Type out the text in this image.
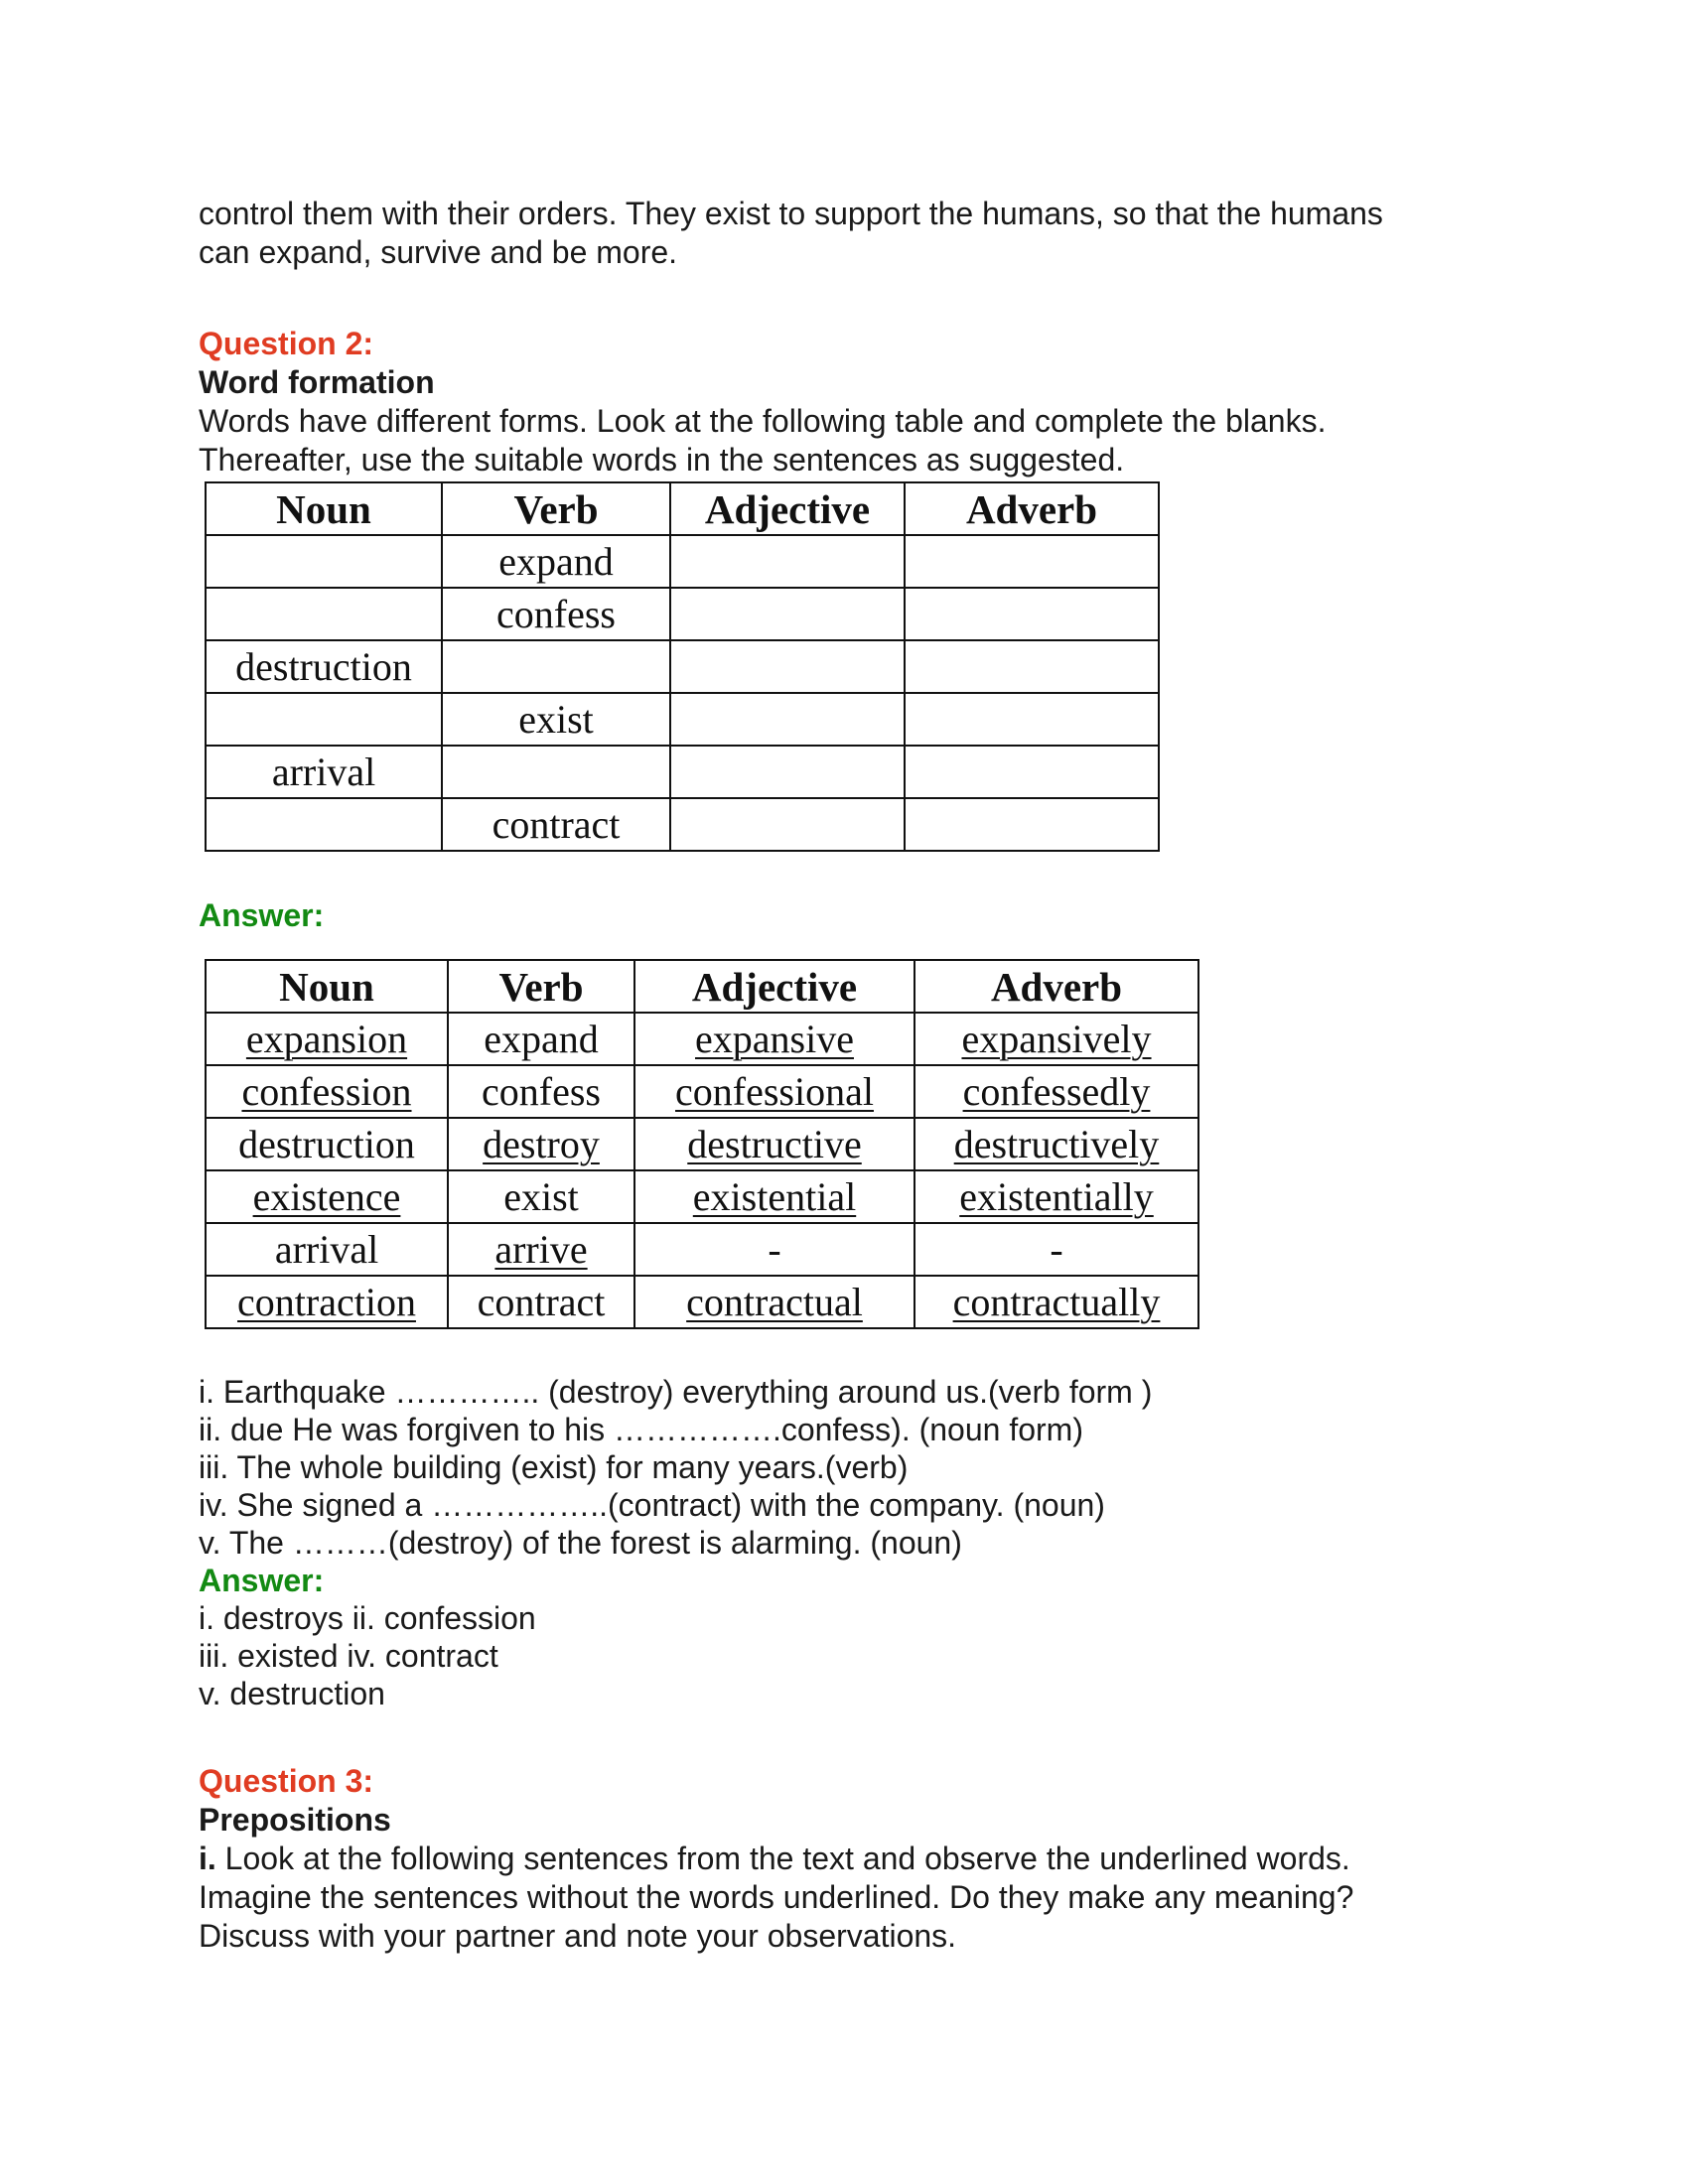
control them with their orders. They exist to support the humans, so that the humans
can expand, survive and be more.

Question 2:

Word formation

Words have different forms. Look at the following table and complete the blanks.
Thereafter, use the suitable words in the sentences as suggested.

Noun	Verb	Adjective	Adverb
	expand		
	confess		
destruction			
	exist		
arrival			
	contract		

Answer:

Noun	Verb	Adjective	Adverb
expansion	expand	expansive	expansively
confession	confess	confessional	confessedly
destruction	destroy	destructive	destructively
existence	exist	existential	existentially
arrival	arrive	-	-
contraction	contract	contractual	contractually
i. Earthquake ………….. (destroy) everything around us.(verb form )
ii. due He was forgiven to his …………….confess). (noun form)
iii. The whole building (exist) for many years.(verb)
iv. She signed a ……………..(contract) with the company. (noun)
v. The ………(destroy) of the forest is alarming. (noun)

Answer:

i. destroys ii. confession
iii. existed iv. contract
v. destruction

Question 3:

Prepositions

i. Look at the following sentences from the text and observe the underlined words.
Imagine the sentences without the words underlined. Do they make any meaning?
Discuss with your partner and note your observations.
